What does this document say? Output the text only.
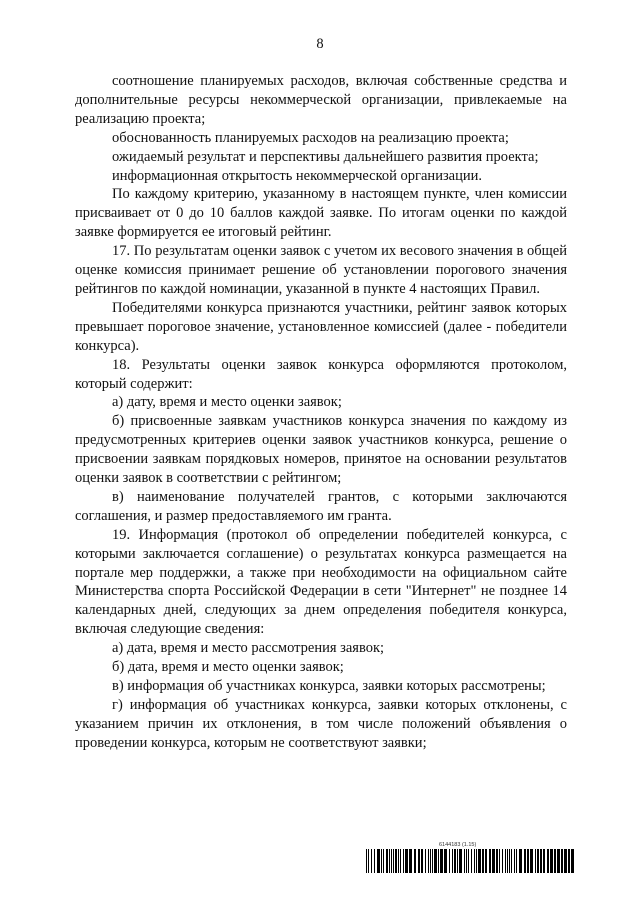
8

соотношение планируемых расходов, включая собственные средства и дополнительные ресурсы некоммерческой организации, привлекаемые на реализацию проекта;

обоснованность планируемых расходов на реализацию проекта;

ожидаемый результат и перспективы дальнейшего развития проекта;

информационная открытость некоммерческой организации.

По каждому критерию, указанному в настоящем пункте, член комиссии присваивает от 0 до 10 баллов каждой заявке. По итогам оценки по каждой заявке формируется ее итоговый рейтинг.

17. По результатам оценки заявок с учетом их весового значения в общей оценке комиссия принимает решение об установлении порогового значения рейтингов по каждой номинации, указанной в пункте 4 настоящих Правил.

Победителями конкурса признаются участники, рейтинг заявок которых превышает пороговое значение, установленное комиссией (далее - победители конкурса).

18. Результаты оценки заявок конкурса оформляются протоколом, который содержит:

а) дату, время и место оценки заявок;

б) присвоенные заявкам участников конкурса значения по каждому из предусмотренных критериев оценки заявок участников конкурса, решение о присвоении заявкам порядковых номеров, принятое на основании результатов оценки заявок в соответствии с рейтингом;

в) наименование получателей грантов, с которыми заключаются соглашения, и размер предоставляемого им гранта.

19. Информация (протокол об определении победителей конкурса, с которыми заключается соглашение) о результатах конкурса размещается на портале мер поддержки, а также при необходимости на официальном сайте Министерства спорта Российской Федерации в сети "Интернет" не позднее 14 календарных дней, следующих за днем определения победителя конкурса, включая следующие сведения:

а) дата, время и место рассмотрения заявок;

б) дата, время и место оценки заявок;

в) информация об участниках конкурса, заявки которых рассмотрены;

г) информация об участниках конкурса, заявки которых отклонены, с указанием причин их отклонения, в том числе положений объявления о проведении конкурса, которым не соответствуют заявки;

6144183 (1.15)
